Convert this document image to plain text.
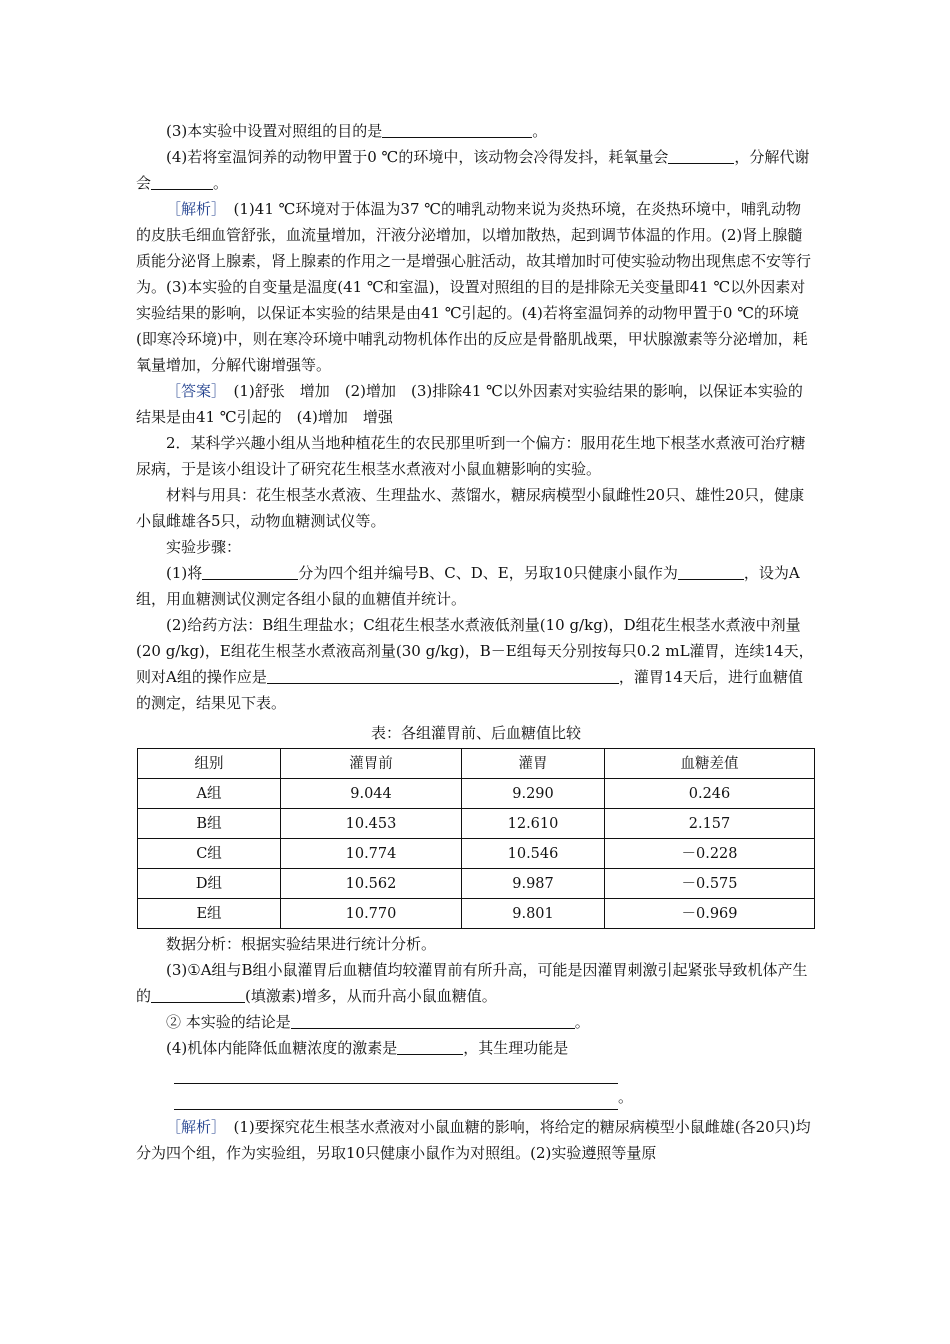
(3)本实验中设置对照组的目的是	。

(4)若将室温饲养的动物甲置于0 ℃的环境中，该动物会冷得发抖，耗氧量会	，分解代谢会	。

［解析］　 (1)41 ℃环境对于体温为37 ℃的哺乳动物来说为炎热环境，在炎热环境中，哺乳动物的皮肤毛细血管舒张，血流量增加，汗液分泌增加，以增加散热，起到调节体温的作用。(2)肾上腺髓质能分泌肾上腺素，肾上腺素的作用之一是增强心脏活动，故其增加时可使实验动物出现焦虑不安等行为。(3)本实验的自变量是温度(41 ℃和室温)，设置对照组的目的是排除无关变量即41 ℃以外因素对实验结果的影响，以保证本实验的结果是由41 ℃引起的。(4)若将室温饲养的动物甲置于0 ℃的环境(即寒冷环境)中，则在寒冷环境中哺乳动物机体作出的反应是骨骼肌战栗，甲状腺激素等分泌增加，耗氧量增加，分解代谢增强等。

［答案］　 (1)舒张　增加　(2)增加　(3)排除41 ℃以外因素对实验结果的影响，以保证本实验的结果是由41 ℃引起的　(4)增加　增强

2．某科学兴趣小组从当地种植花生的农民那里听到一个偏方：服用花生地下根茎水煮液可治疗糖尿病，于是该小组设计了研究花生根茎水煮液对小鼠血糖影响的实验。

材料与用具：花生根茎水煮液、生理盐水、蒸馏水，糖尿病模型小鼠雌性20只、雄性20只，健康小鼠雌雄各5只，动物血糖测试仪等。

实验步骤：

(1)将	分为四个组并编号B、C、D、E，另取10只健康小鼠作为	，设为A组，用血糖测试仪测定各组小鼠的血糖值并统计。

(2)给药方法：B组生理盐水；C组花生根茎水煮液低剂量(10 g/kg)，D组花生根茎水煮液中剂量(20 g/kg)，E组花生根茎水煮液高剂量(30 g/kg)，B－E组每天分别按每只0.2 mL灌胃，连续14天，则对A组的操作应是	，灌胃14天后，进行血糖值的测定，结果见下表。

表：各组灌胃前、后血糖值比较

组别	灌胃前	灌胃	血糖差值
A组	9.044	9.290	0.246
B组	10.453	12.610	2.157
C组	10.774	10.546	－0.228
D组	10.562	9.987	－0.575
E组	10.770	9.801	－0.969

数据分析：根据实验结果进行统计分析。

(3)①A组与B组小鼠灌胃后血糖值均较灌胃前有所升高，可能是因灌胃刺激引起紧张导致机体产生的	(填激素)增多，从而升高小鼠血糖值。

② 本实验的结论是	。

(4)机体内能降低血糖浓度的激素是	，其生理功能是

。

［解析］　 (1)要探究花生根茎水煮液对小鼠血糖的影响，将给定的糖尿病模型小鼠雌雄(各20只)均分为四个组，作为实验组，另取10只健康小鼠作为对照组。(2)实验遵照等量原
